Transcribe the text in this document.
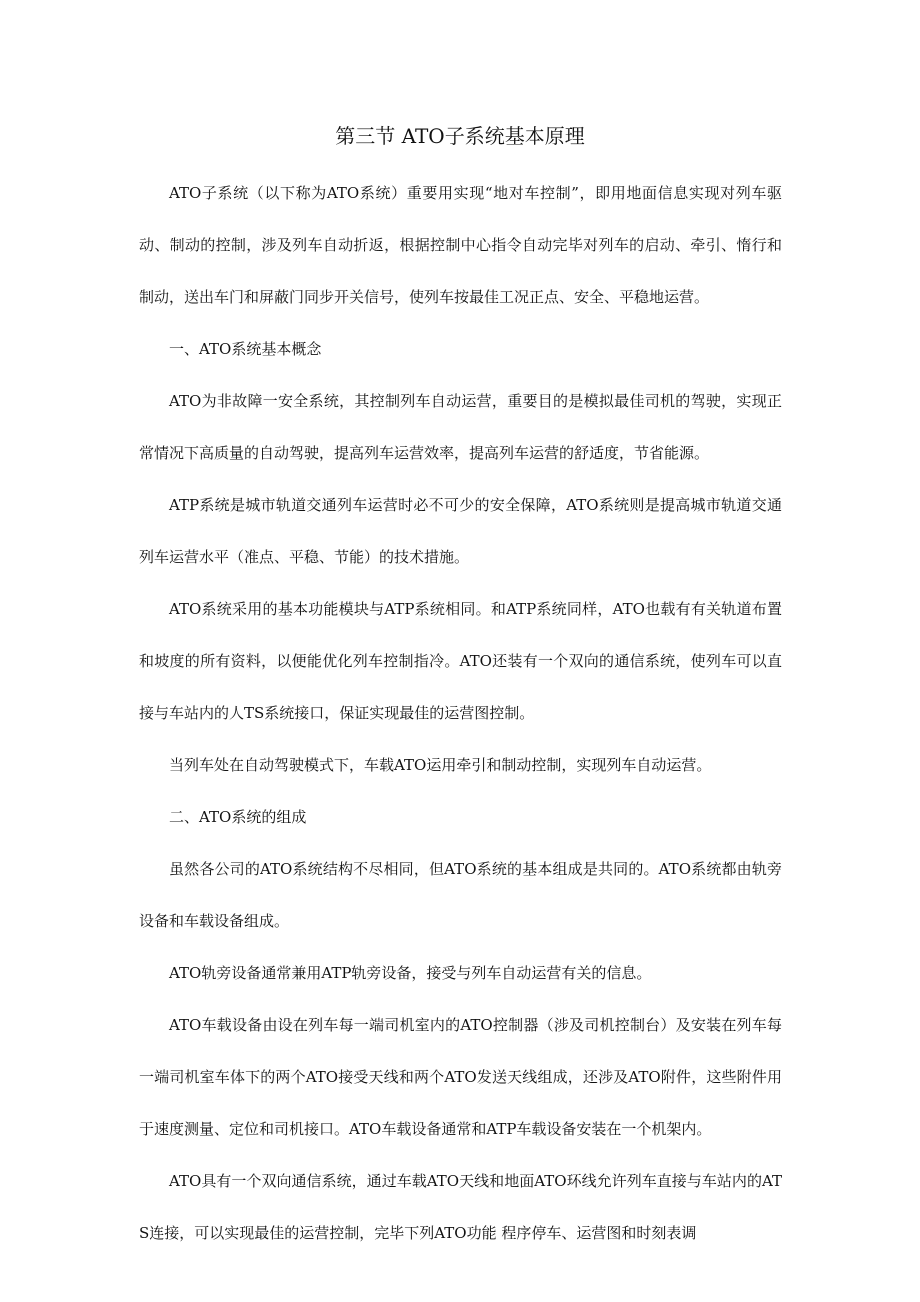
第三节 ATO子系统基本原理

ATO子系统（以下称为ATO系统）重要用实现“地对车控制”，即用地面信息实现对列车驱动、制动的控制，涉及列车自动折返，根据控制中心指令自动完毕对列车的启动、牵引、惰行和制动，送出车门和屏蔽门同步开关信号，使列车按最佳工况正点、安全、平稳地运营。

一、ATO系统基本概念

ATO为非故障一安全系统，其控制列车自动运营，重要目的是模拟最佳司机的驾驶，实现正常情况下高质量的自动驾驶，提高列车运营效率，提高列车运营的舒适度，节省能源。

ATP系统是城市轨道交通列车运营时必不可少的安全保障，ATO系统则是提高城市轨道交通列车运营水平（准点、平稳、节能）的技术措施。

ATO系统采用的基本功能模块与ATP系统相同。和ATP系统同样，ATO也载有有关轨道布置和坡度的所有资料，以便能优化列车控制指冷。ATO还装有一个双向的通信系统，使列车可以直接与车站内的人TS系统接口，保证实现最佳的运营图控制。

当列车处在自动驾驶模式下，车载ATO运用牵引和制动控制，实现列车自动运营。

二、ATO系统的组成

虽然各公司的ATO系统结构不尽相同，但ATO系统的基本组成是共同的。ATO系统都由轨旁设备和车载设备组成。

ATO轨旁设备通常兼用ATP轨旁设备，接受与列车自动运营有关的信息。

ATO车载设备由设在列车每一端司机室内的ATO控制器（涉及司机控制台）及安装在列车每一端司机室车体下的两个ATO接受天线和两个ATO发送天线组成，还涉及ATO附件，这些附件用于速度测量、定位和司机接口。ATO车载设备通常和ATP车载设备安装在一个机架内。

ATO具有一个双向通信系统，通过车载ATO天线和地面ATO环线允许列车直接与车站内的ATS连接，可以实现最佳的运营控制，完毕下列ATO功能 程序停车、运营图和时刻表调
